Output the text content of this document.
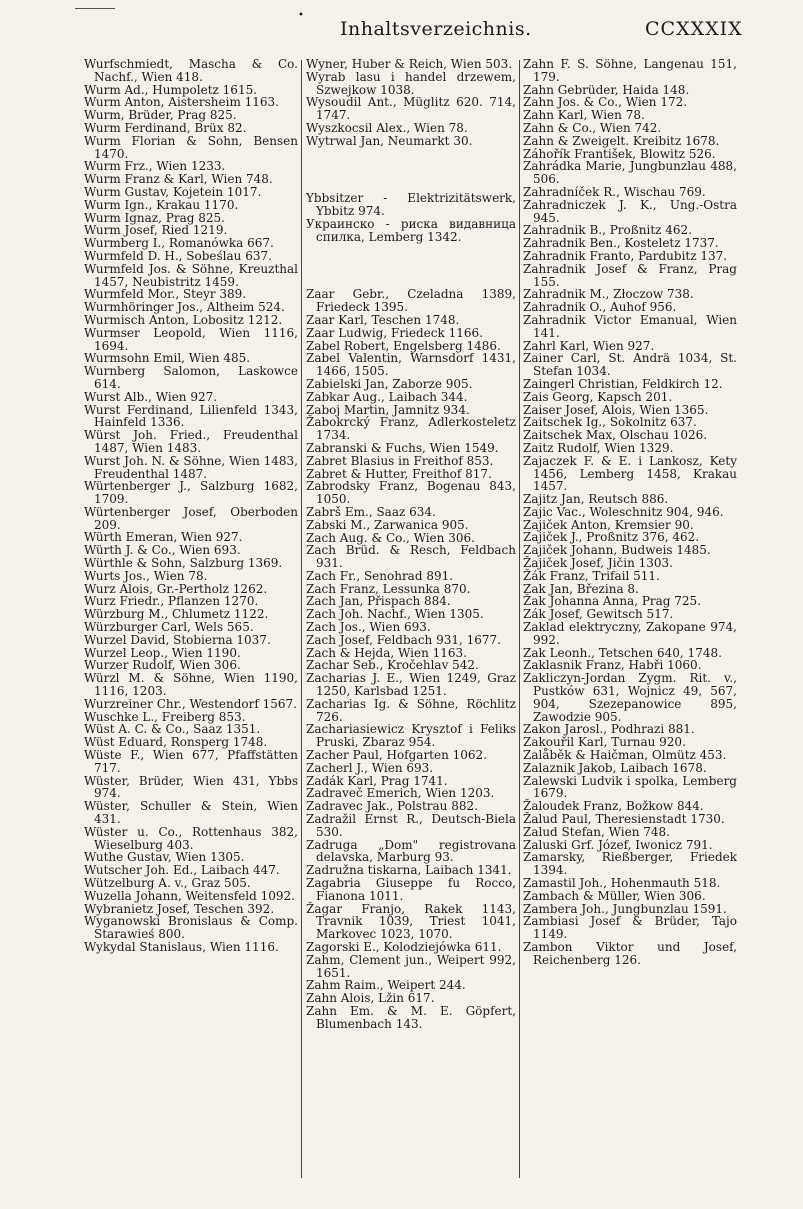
•
Inhaltsverzeichnis.	CCXXXIX

Wurfschmiedt, Mascha & Co. Nachf., Wien 418.

Wurm Ad., Humpoletz 1615.

Wurm Anton, Aistersheim 1163.

Wurm, Brüder, Prag 825.

Wurm Ferdinand, Brüx 82.

Wurm Florian & Sohn, Bensen 1470.

Wurm Frz., Wien 1233.

Wurm Franz & Karl, Wien 748.

Wurm Gustav, Kojetein 1017.

Wurm Ign., Krakau 1170.

Wurm Ignaz, Prag 825.

Wurm Josef, Ried 1219.

Wurmberg I., Romanówka 667.

Wurmfeld D. H., Sobeślau 637.

Wurmfeld Jos. & Söhne, Kreuzthal 1457, Neubistritz 1459.

Wurmfeld Mor., Steyr 389.

Wurmhöringer Jos., Altheim 524.

Wurmisch Anton, Lobositz 1212.

Wurmser Leopold, Wien 1116, 1694.

Wurmsohn Emil, Wien 485.

Wurnberg Salomon, Laskowce 614.

Wurst Alb., Wien 927.

Wurst Ferdinand, Lilienfeld 1343, Hainfeld 1336.

Würst Joh. Fried., Freudenthal 1487, Wien 1483.

Wurst Joh. N. & Söhne, Wien 1483, Freudenthal 1487.

Würtenberger J., Salzburg 1682, 1709.

Würtenberger Josef, Oberboden 209.

Würth Emeran, Wien 927.

Würth J. & Co., Wien 693.

Würthle & Sohn, Salzburg 1369.

Wurts Jos., Wien 78.

Wurz Alois, Gr.-Pertholz 1262.

Wurz Friedr., Pflanzen 1270.

Würzburg M., Chlumetz 1122.

Würzburger Carl, Wels 565.

Wurzel David, Stobierna 1037.

Wurzel Leop., Wien 1190.

Wurzer Rudolf, Wien 306.

Würzl M. & Söhne, Wien 1190, 1116, 1203.

Wurzreiner Chr., Westendorf 1567.

Wuschke L., Freiberg 853.

Wüst A. C. & Co., Saaz 1351.

Wüst Eduard, Ronsperg 1748.

Wüste F., Wien 677, Pfaffstätten 717.

Wüster, Brüder, Wien 431, Ybbs 974.

Wüster, Schuller & Stein, Wien 431.

Wüster u. Co., Rottenhaus 382, Wieselburg 403.

Wuthe Gustav, Wien 1305.

Wutscher Joh. Ed., Laibach 447.

Wützelburg A. v., Graz 505.

Wuzella Johann, Weitensfeld 1092.

Wybranietz Josef, Teschen 392.

Wyganowski Bronislaus & Comp. Starawieś 800.

Wykydal Stanislaus, Wien 1116.

Wyner, Huber & Reich, Wien 503.

Wyrab lasu i handel drzewem, Szwejkow 1038.

Wysoudil Ant., Müglitz 620. 714, 1747.

Wyszkocsil Alex., Wien 78.

Wytrwal Jan, Neumarkt 30.

Ybbsitzer - Elektrizitätswerk, Ybbitz 974.

Украинско - риска видавница спилка, Lemberg 1342.

Zaar Gebr., Czeladna 1389, Friedeck 1395.

Zaar Karl, Teschen 1748.

Zaar Ludwig, Friedeck 1166.

Zabel Robert, Engelsberg 1486.

Zabel Valentin, Warnsdorf 1431, 1466, 1505.

Zabielski Jan, Zaborze 905.

Zabkar Aug., Laibach 344.

Zaboj Martin, Jamnitz 934.

Žabokrcký Franz, Adlerkosteletz 1734.

Zabranski & Fuchs, Wien 1549.

Zabret Blasius in Freithof 853.

Zabret & Hutter, Freithof 817.

Zabrodsky Franz, Bogenau 843, 1050.

Zabrš Em., Saaz 634.

Zabski M., Zarwanica 905.

Zach Aug. & Co., Wien 306.

Zach Brüd. & Resch, Feldbach 931.

Zach Fr., Senohrad 891.

Zach Franz, Lessunka 870.

Zach Jan, Přispach 884.

Zach Joh. Nachf., Wien 1305.

Zach Jos., Wien 693.

Zach Josef, Feldbach 931, 1677.

Zach & Hejda, Wien 1163.

Zachar Seb., Kročehlav 542.

Zacharias J. E., Wien 1249, Graz 1250, Karlsbad 1251.

Zacharias Ig. & Söhne, Röchlitz 726.

Zachariasiewicz Krysztof i Feliks Pruski, Zbaraz 954.

Zacher Paul, Hofgarten 1062.

Zacherl J., Wien 693.

Zadák Karl, Prag 1741.

Zadraveč Emerich, Wien 1203.

Zadravec Jak., Polstrau 882.

Zadražil Ernst R., Deutsch-Biela 530.

Zadruga „Dom" registrovana delavska, Marburg 93.

Zadružna tiskarna, Laibach 1341.

Zagabria Giuseppe fu Rocco, Fianona 1011.

Žagar Franjo, Rakek 1143, Travnik 1039, Triest 1041, Markovec 1023, 1070.

Zagorski E., Kolodziejówka 611.

Zahm, Clement jun., Weipert 992, 1651.

Zahm Raim., Weipert 244.

Zahn Alois, Lžin 617.

Zahn Em. & M. E. Göpfert, Blumenbach 143.

Zahn F. S. Söhne, Langenau 151, 179.

Zahn Gebrüder, Haida 148.

Zahn Jos. & Co., Wien 172.

Zahn Karl, Wien 78.

Zahn & Co., Wien 742.

Zahn & Zweigelt. Kreibitz 1678.

Záhořík František, Blowitz 526.

Zahrádka Marie, Jungbunzlau 488, 506.

Zahradníček R., Wischau 769.

Zahradniczek J. K., Ung.-Ostra 945.

Zahradnik B., Proßnitz 462.

Zahradnik Ben., Kosteletz 1737.

Zahradnik Franto, Pardubitz 137.

Zahradnik Josef & Franz, Prag 155.

Zahradnik M., Złoczow 738.

Zahradnik O., Auhof 956.

Zahradnik Victor Emanual, Wien 141.

Zahrl Karl, Wien 927.

Zainer Carl, St. Andrä 1034, St. Stefan 1034.

Zaingerl Christian, Feldkirch 12.

Zais Georg, Kapsch 201.

Zaiser Josef, Alois, Wien 1365.

Zaitschek Ig., Sokolnitz 637.

Zaitschek Max, Olschau 1026.

Zaitz Rudolf, Wien 1329.

Zajaczek F. & E. i Lankosz, Kety 1456, Lemberg 1458, Krakau 1457.

Zajitz Jan, Reutsch 886.

Zajic Vac., Woleschnitz 904, 946.

Zajiček Anton, Kremsier 90.

Zajiček J., Proßnitz 376, 462.

Zajiček Johann, Budweis 1485.

Žajiček Josef, Jičin 1303.

Žák Franz, Trifail 511.

Zak Jan, Březina 8.

Žak Johanna Anna, Prag 725.

Zák Josef, Gewitsch 517.

Zaklad elektryczny, Zakopane 974, 992.

Zak Leonh., Tetschen 640, 1748.

Zaklasnik Franz, Habři 1060.

Zakliczyn-Jordan Zygm. Rit. v., Pustków 631, Wojnicz 49, 567, 904, Szezepanowice 895, Zawodzie 905.

Zakon Jarosl., Podhrazi 881.

Zakouřil Karl, Turnau 920.

Zalåběk & Haičman, Olmütz 453.

Zalaznik Jakob, Laibach 1678.

Zalewski Ludvik i spolka, Lemberg 1679.

Žaloudek Franz, Božkow 844.

Žalud Paul, Theresienstadt 1730.

Zalud Stefan, Wien 748.

Zaluski Grf. Józef, Iwonicz 791.

Zamarsky, Rießberger, Friedek 1394.

Zamastil Joh., Hohenmauth 518.

Zambach & Müller, Wien 306.

Zambera Joh., Jungbunzlau 1591.

Zambiasi Josef & Brüder, Tajo 1149.

Zambon Viktor und Josef, Reichenberg 126.
